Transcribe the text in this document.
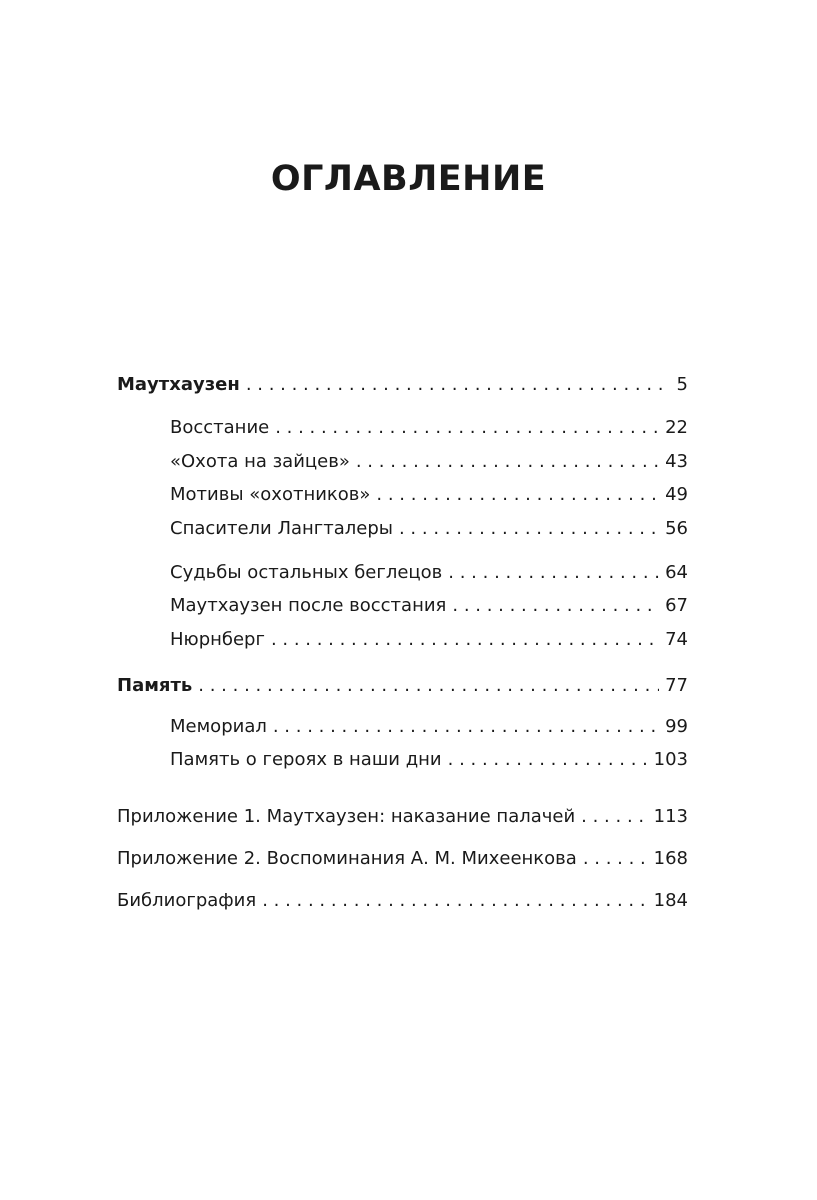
ОГЛАВЛЕНИЕ
Маутхаузен . . .	5
Восстание . . .	22
«Охота на зайцев» . . .	43
Мотивы «охотников» . . .	49
Спасители Лангталеры . . .	56
Судьбы остальных беглецов . . .	64
Маутхаузен после восстания . . .	67
Нюрнберг . . .	74
Память . . .	77
Мемориал . . .	99
Память о героях в наши дни . . .	103
Приложение 1. Маутхаузен: наказание палачей . . .	113
Приложение 2. Воспоминания А. М. Михеенкова . . .	168
Библиография . . .	184
